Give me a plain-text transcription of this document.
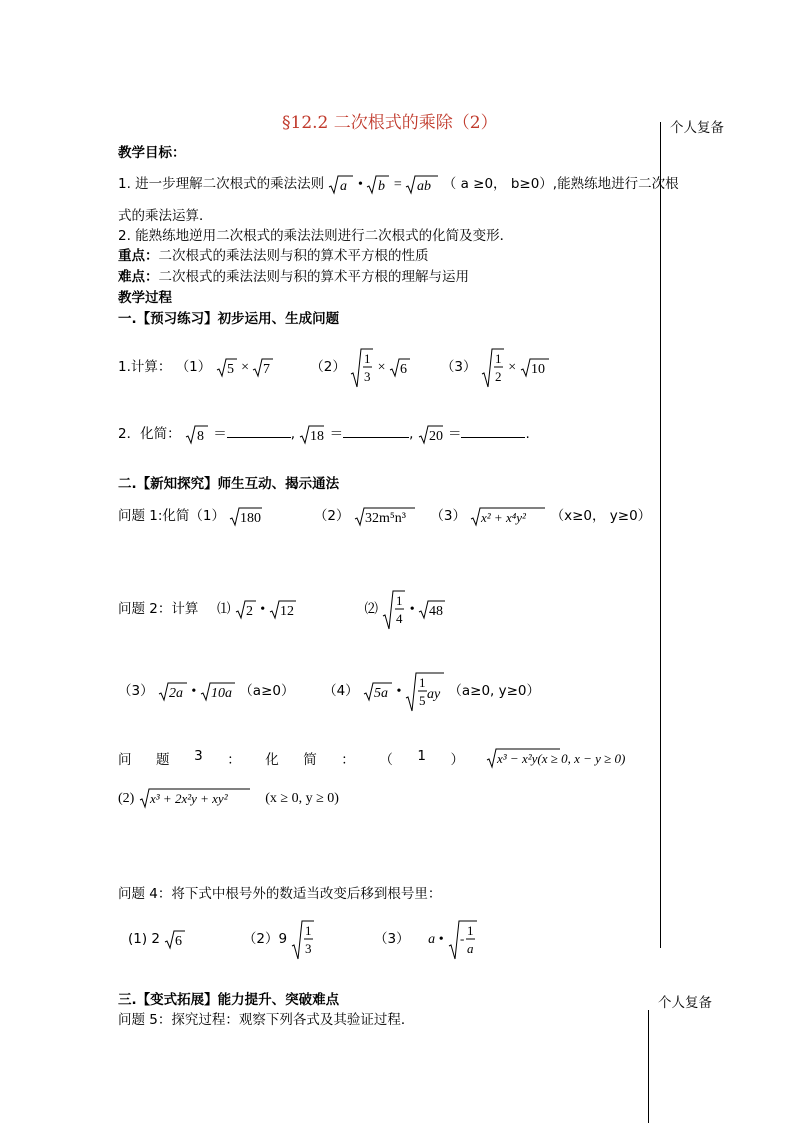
§12.2 二次根式的乘除（2）	个人复备
个人复备
教学目标：
1. 进一步理解二次根式的乘法法则 a • b = ab （ a ≥0， b≥0）,能熟练地进行二次根
式的乘法运算．
2. 能熟练地逆用二次根式的乘法法则进行二次根式的化简及变形．
重点：二次根式的乘法法则与积的算术平方根的性质
难点：二次根式的乘法法则与积的算术平方根的理解与运用
教学过程
一.【预习练习】初步运用、生成问题
1.计算： （1） 5 × 7	（2）
1
3
× 6	（3）
1
2
× 10
2．化简： 8 ＝	, 18 ＝	, 20 ＝	.
二.【新知探究】师生互动、揭示通法
问题 1:化简（1） 180	（2） 32m⁵n³ （3） x² + x⁴y² （x≥0， y≥0）
问题 2：计算 ⑴ 2 • 12	⑵
1
4
• 48
（3） 2a • 10a （a≥0） （4） 5a •
1
5 ay （a≥0, y≥0）
问 题 3 ： 化 简 ： （ 1 ）	x³ − x²y(x ≥ 0, x − y ≥ 0)
(2) x³ + 2x²y + xy²	(x ≥ 0, y ≥ 0)
问题 4：将下式中根号外的数适当改变后移到根号里：
(1) 2 6	（2）9
1
3
（3） a • -
1
a
三.【变式拓展】能力提升、突破难点
问题 5：探究过程：观察下列各式及其验证过程．
